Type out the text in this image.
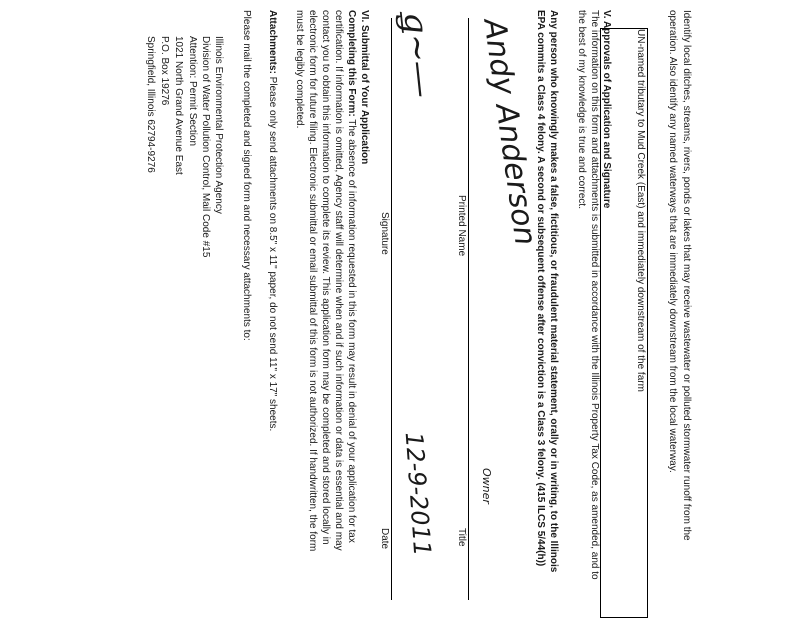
Identify local ditches, streams, rivers, ponds or lakes that may receive wastewater or polluted stormwater runoff from the
operation. Also identify any named waterways that are immediately downstream from the local waterway.
UN-named tributary to Mud Creek (East) and immediately downstream of the farm
V. Approvals of Application and Signature
The information on this form and attachments is submitted in accordance with the Illinois Property Tax Code, as amended, and to
the best of my knowledge is true and correct.
Any person who knowingly makes a false, fictitious, or fraudulent material statement, orally or in writing, to the Illinois
EPA commits a Class 4 felony. A second or subsequent offense after conviction is a Class 3 felony. (415 ILCS 5/44(h))
Andy Anderson
Owner
Printed Name
Title
ǥ~―
12-9-2011
Signature
Date
VI. Submittal of Your Application
Completing this Form: The absence of information requested in this form may result in denial of your application for tax
certification. If information is omitted, Agency staff will determine when and if such information or data is essential and may
contact you to obtain this information to complete its review. This application form may be completed and stored locally in
electronic form for future filing. Electronic submittal or email submittal of this form is not authorized. If handwritten, the form
must be legibly completed.
Attachments: Please only send attachments on 8.5" x 11" paper, do not send 11" x 17" sheets.
Please mail the completed and signed form and necessary attachments to:
Illinois Environmental Protection Agency
Division of Water Pollution Control, Mail Code #15
Attention: Permit Section
1021 North Grand Avenue East
P.O. Box 19276
Springfield, Illinois 62794-9276
